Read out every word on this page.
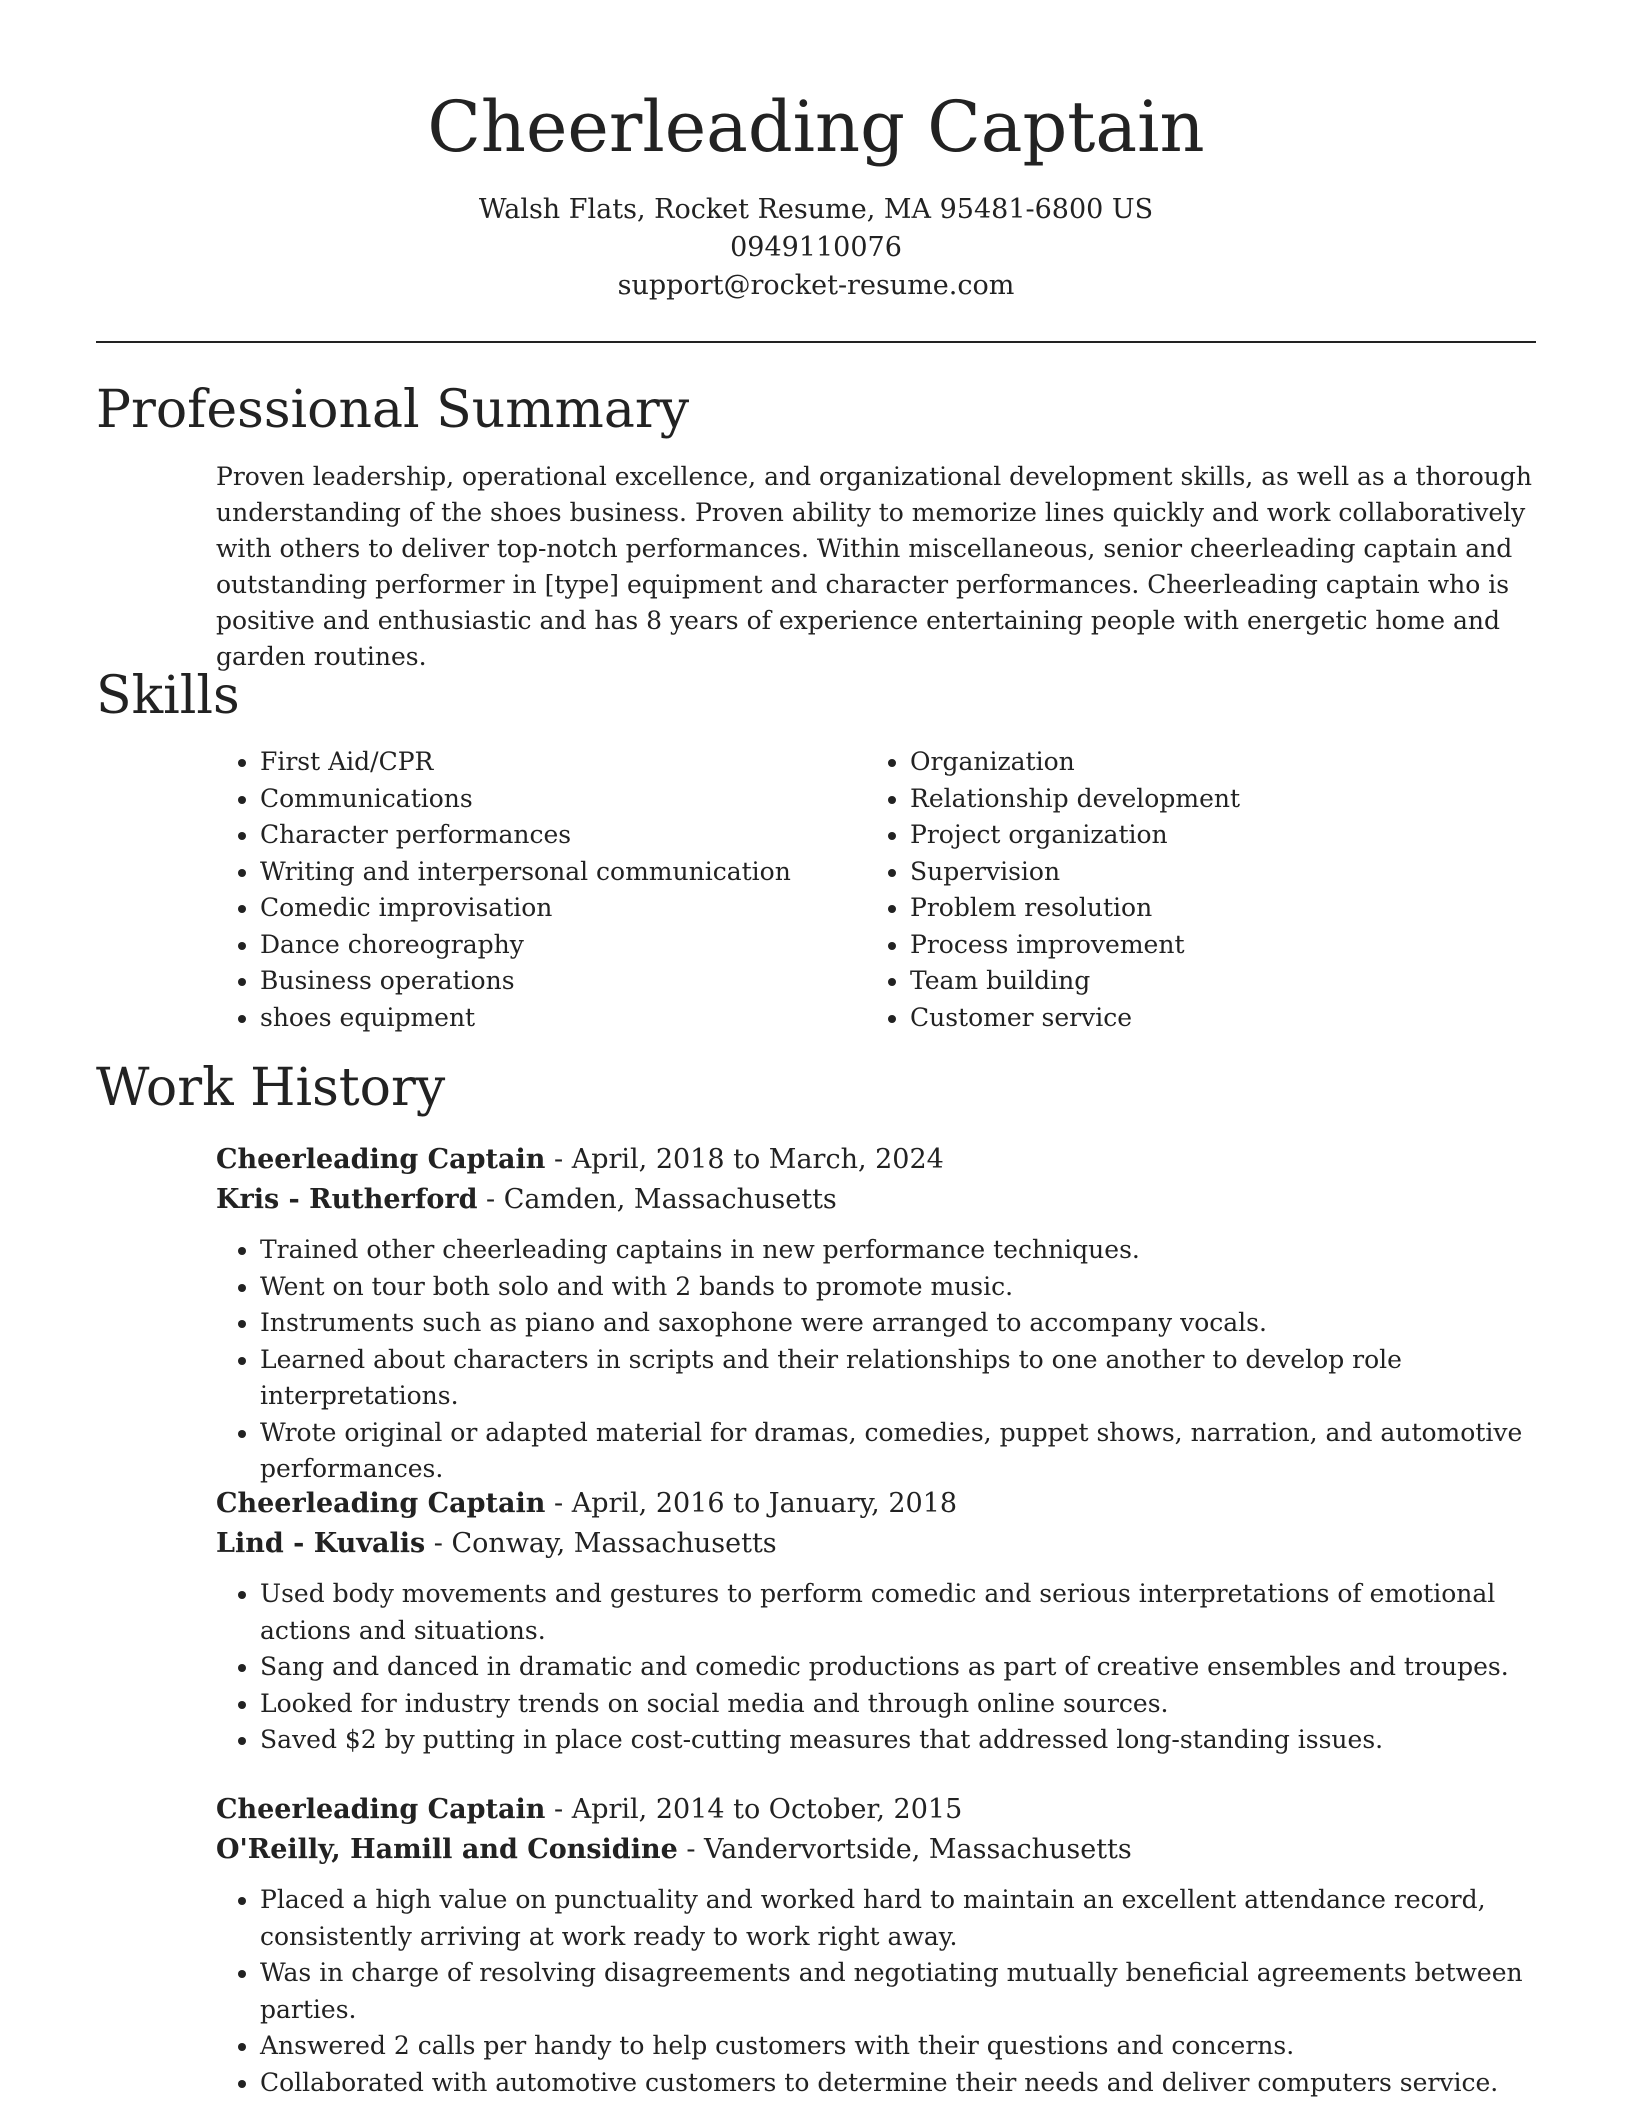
Cheerleading Captain
Walsh Flats, Rocket Resume, MA 95481-6800 US
0949110076
support@rocket-resume.com
Professional Summary

Proven leadership, operational excellence, and organizational development skills, as well as a thorough understanding of the shoes business. Proven ability to memorize lines quickly and work collaboratively with others to deliver top-notch performances. Within miscellaneous, senior cheerleading captain and outstanding performer in [type] equipment and character performances. Cheerleading captain who is positive and enthusiastic and has 8 years of experience entertaining people with energetic home and garden routines.

Skills
• First Aid/CPR
• Communications
• Character performances
• Writing and interpersonal communication
• Comedic improvisation
• Dance choreography
• Business operations
• shoes equipment
• Organization
• Relationship development
• Project organization
• Supervision
• Problem resolution
• Process improvement
• Team building
• Customer service
Work History
Cheerleading Captain - April, 2018 to March, 2024
Kris - Rutherford - Camden, Massachusetts
• Trained other cheerleading captains in new performance techniques.
• Went on tour both solo and with 2 bands to promote music.
• Instruments such as piano and saxophone were arranged to accompany vocals.
• Learned about characters in scripts and their relationships to one another to develop role interpretations.
• Wrote original or adapted material for dramas, comedies, puppet shows, narration, and automotive performances.
Cheerleading Captain - April, 2016 to January, 2018
Lind - Kuvalis - Conway, Massachusetts
• Used body movements and gestures to perform comedic and serious interpretations of emotional actions and situations.
• Sang and danced in dramatic and comedic productions as part of creative ensembles and troupes.
• Looked for industry trends on social media and through online sources.
• Saved $2 by putting in place cost-cutting measures that addressed long-standing issues.
Cheerleading Captain - April, 2014 to October, 2015
O'Reilly, Hamill and Considine - Vandervortside, Massachusetts
• Placed a high value on punctuality and worked hard to maintain an excellent attendance record, consistently arriving at work ready to work right away.
• Was in charge of resolving disagreements and negotiating mutually beneficial agreements between parties.
• Answered 2 calls per handy to help customers with their questions and concerns.
• Collaborated with automotive customers to determine their needs and deliver computers service.
